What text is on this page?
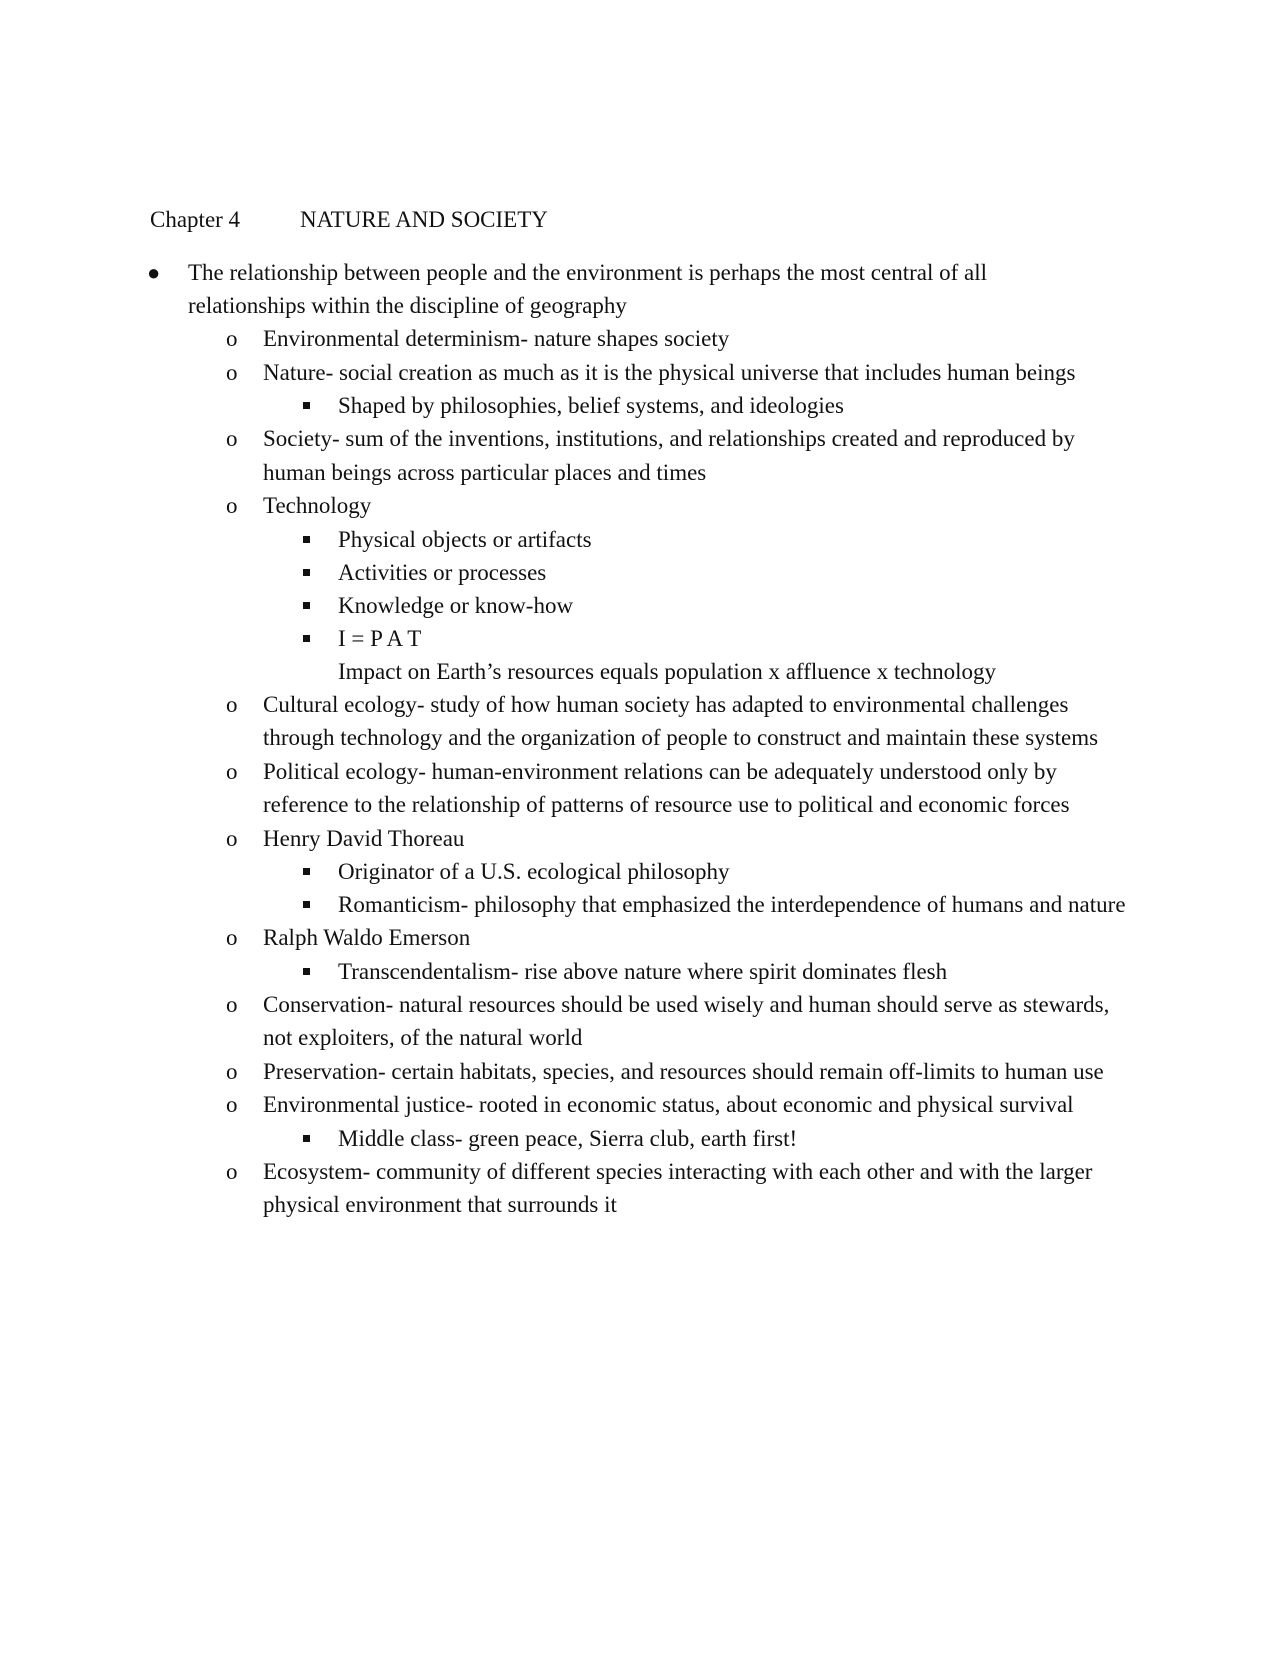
Chapter 4	NATURE AND SOCIETY
● The relationship between people and the environment is perhaps the most central of all relationships within the discipline of geography
o Environmental determinism- nature shapes society
o Nature- social creation as much as it is the physical universe that includes human beings
Shaped by philosophies, belief systems, and ideologies
o Society- sum of the inventions, institutions, and relationships created and reproduced by human beings across particular places and times
o Technology
Physical objects or artifacts
Activities or processes
Knowledge or know-how
I = P A T
Impact on Earth’s resources equals population x affluence x technology
o Cultural ecology- study of how human society has adapted to environmental challenges through technology and the organization of people to construct and maintain these systems
o Political ecology- human-environment relations can be adequately understood only by reference to the relationship of patterns of resource use to political and economic forces
o Henry David Thoreau
Originator of a U.S. ecological philosophy
Romanticism- philosophy that emphasized the interdependence of humans and nature
o Ralph Waldo Emerson
Transcendentalism- rise above nature where spirit dominates flesh
o Conservation- natural resources should be used wisely and human should serve as stewards, not exploiters, of the natural world
o Preservation- certain habitats, species, and resources should remain off-limits to human use
o Environmental justice- rooted in economic status, about economic and physical survival
Middle class- green peace, Sierra club, earth first!
o Ecosystem- community of different species interacting with each other and with the larger physical environment that surrounds it
